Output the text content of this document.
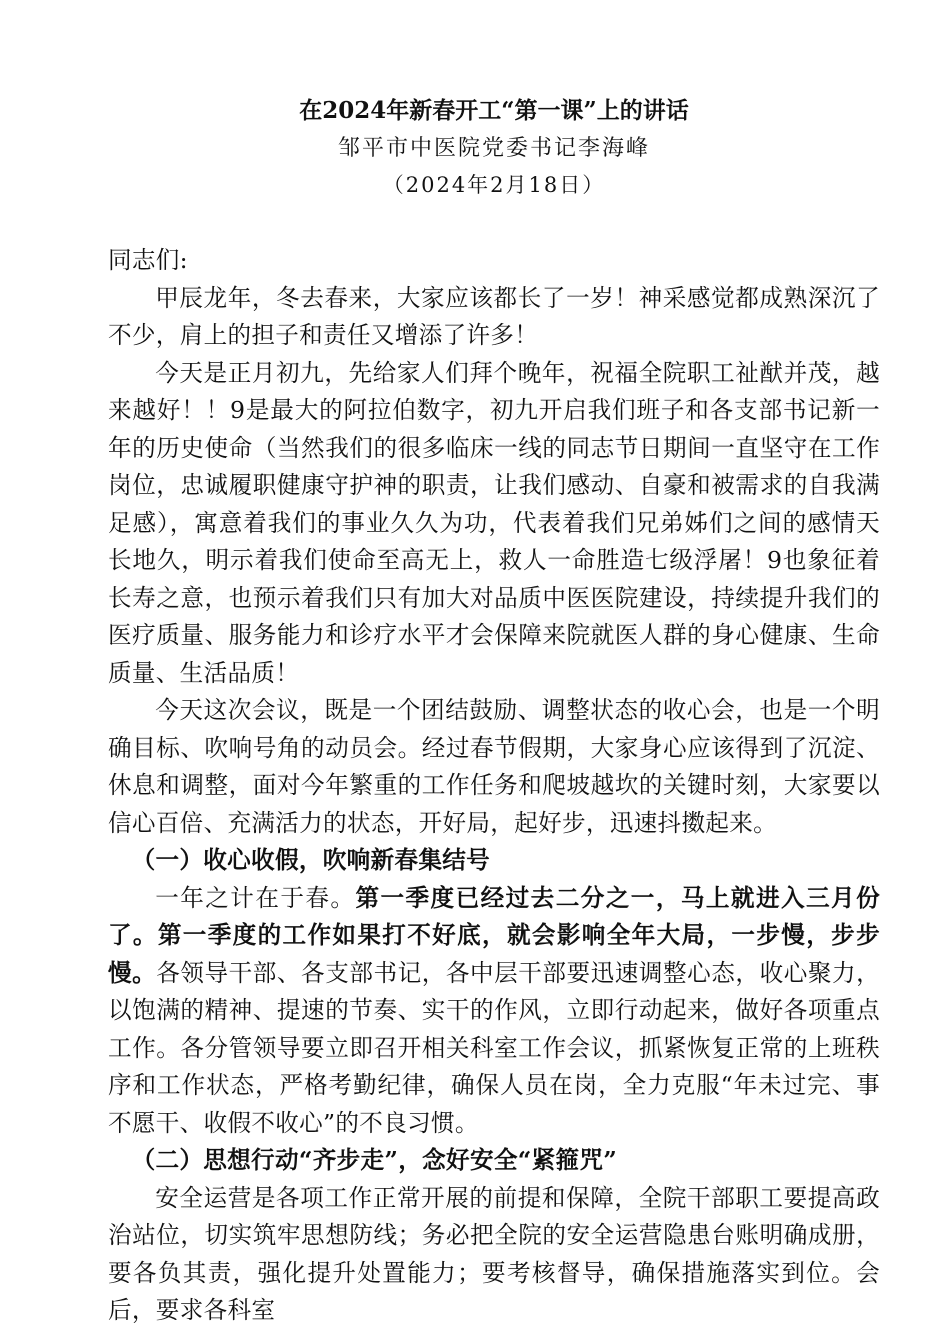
在2024年新春开工“第一课”上的讲话
邹平市中医院党委书记李海峰
（2024年2月18日）

同志们:

甲辰龙年，冬去春来，大家应该都长了一岁！神采感觉都成熟深沉了不少，肩上的担子和责任又增添了许多！

今天是正月初九，先给家人们拜个晚年，祝福全院职工祉猷并茂，越来越好！！9是最大的阿拉伯数字，初九开启我们班子和各支部书记新一年的历史使命（当然我们的很多临床一线的同志节日期间一直坚守在工作岗位，忠诚履职健康守护神的职责，让我们感动、自豪和被需求的自我满足感），寓意着我们的事业久久为功，代表着我们兄弟姊们之间的感情天长地久，明示着我们使命至高无上，救人一命胜造七级浮屠！9也象征着长寿之意，也预示着我们只有加大对品质中医医院建设，持续提升我们的医疗质量、服务能力和诊疗水平才会保障来院就医人群的身心健康、生命质量、生活品质！

今天这次会议，既是一个团结鼓励、调整状态的收心会，也是一个明确目标、吹响号角的动员会。经过春节假期，大家身心应该得到了沉淀、休息和调整，面对今年繁重的工作任务和爬坡越坎的关键时刻，大家要以信心百倍、充满活力的状态，开好局，起好步，迅速抖擞起来。

（一）收心收假，吹响新春集结号

一年之计在于春。第一季度已经过去二分之一，马上就进入三月份了。第一季度的工作如果打不好底，就会影响全年大局，一步慢，步步慢。各领导干部、各支部书记，各中层干部要迅速调整心态，收心聚力，以饱满的精神、提速的节奏、实干的作风，立即行动起来，做好各项重点工作。各分管领导要立即召开相关科室工作会议，抓紧恢复正常的上班秩序和工作状态，严格考勤纪律，确保人员在岗，全力克服“年未过完、事不愿干、收假不收心”的不良习惯。

（二）思想行动“齐步走”，念好安全“紧箍咒”

安全运营是各项工作正常开展的前提和保障，全院干部职工要提高政治站位，切实筑牢思想防线；务必把全院的安全运营隐患台账明确成册，要各负其责，强化提升处置能力；要考核督导，确保措施落实到位。会后，要求各科室
